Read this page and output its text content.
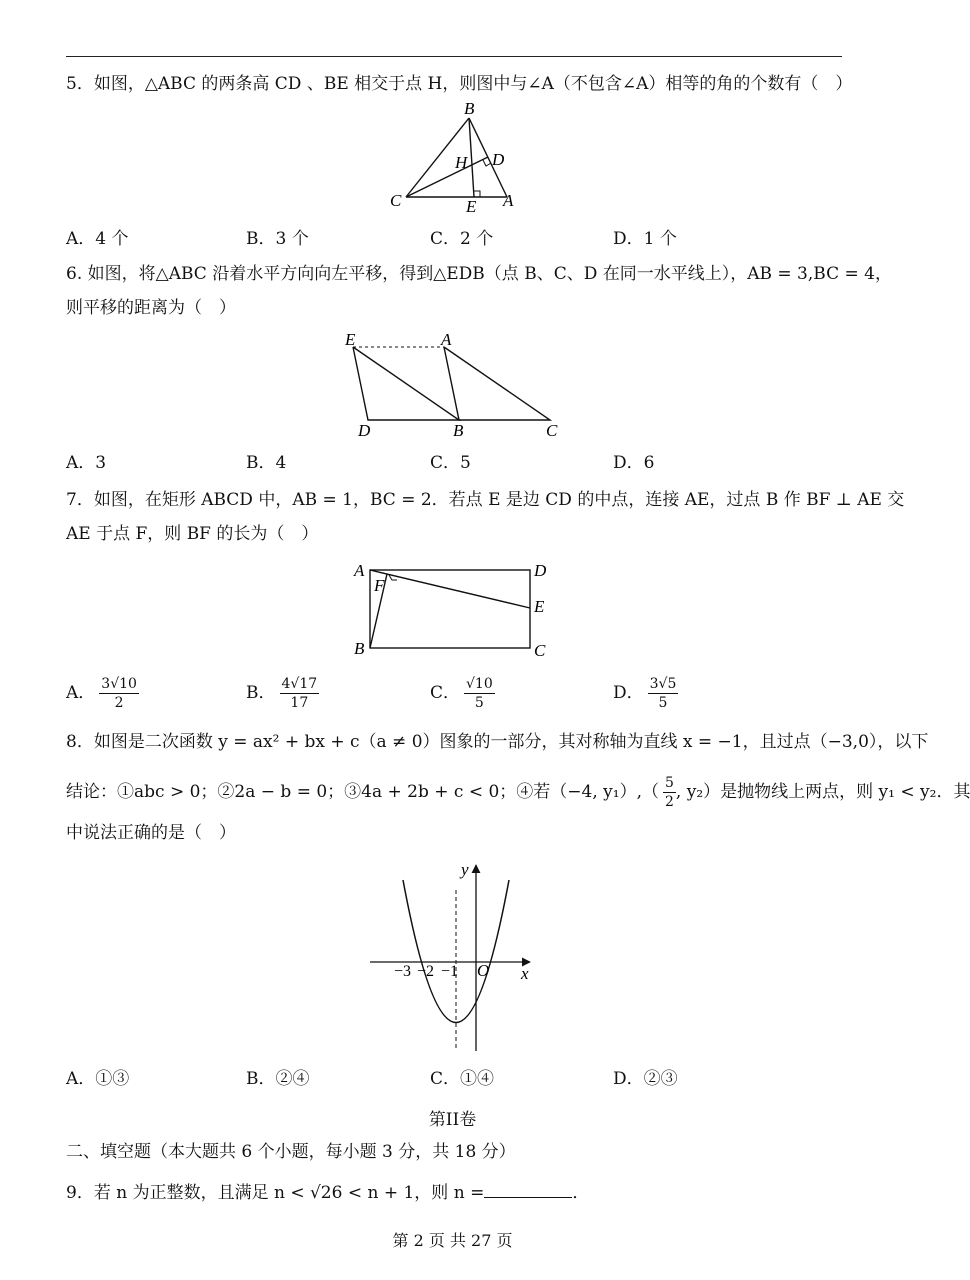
5．如图，△ABC 的两条高 CD 、BE 相交于点 H，则图中与∠A（不包含∠A）相等的角的个数有（　）
B
H D
C	E A
A．4 个	B．3 个	C．2 个	D．1 个
6. 如图，将△ABC 沿着水平方向向左平移，得到△EDB（点 B、C、D 在同一水平线上），AB = 3,BC = 4，
则平移的距离为（　）
E	A
D	B	C
A．3	B．4	C．5	D．6
7．如图，在矩形 ABCD 中，AB = 1，BC = 2．若点 E 是边 CD 的中点，连接 AE，过点 B 作 BF ⊥ AE 交
AE 于点 F，则 BF 的长为（　）
A	D
F
E
B	C
A． $\frac{3√10}{2}$	B． $\frac{4√17}{17}$	C． $\frac{√10}{5}$	D． $\frac{3√5}{5}$
8．如图是二次函数 y = ax² + bx + c（a ≠ 0）图象的一部分，其对称轴为直线 x = −1，且过点（−3,0），以下
结论：①abc > 0；②2a − b = 0；③4a + 2b + c < 0；④若（−4, $y_1),( \frac{5}{2}$ , y₂）是抛物线上两点，则 y₁ < y₂．其
中说法正确的是（　）
y
x
O
−3 −2 −1
A．①③	B．②④	C．①④	D．②③
第II卷
二、填空题（本大题共 6 个小题，每小题 3 分，共 18 分）
9．若 n 为正整数，且满足 n < √26 < n + 1，则 n =	．
第 2 页 共 27 页
